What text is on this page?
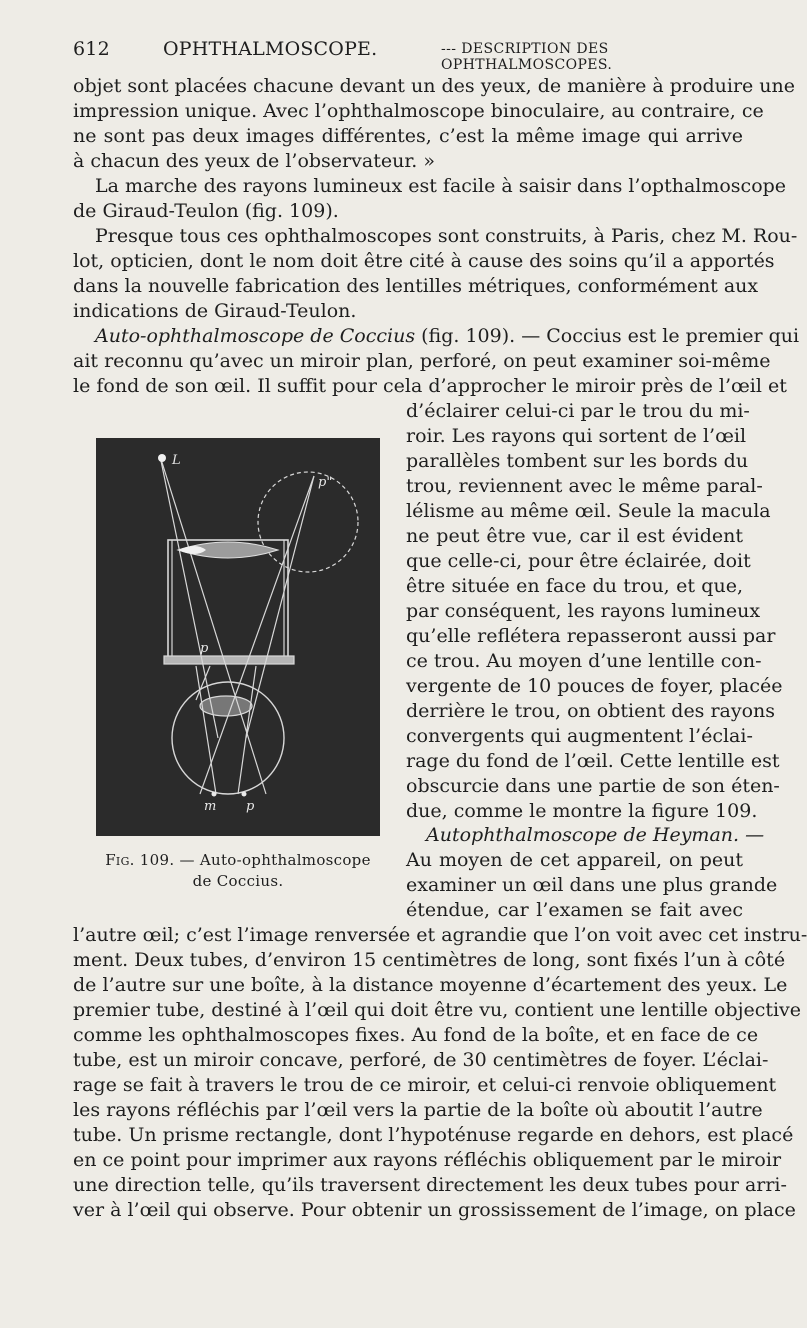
612	OPHTHALMOSCOPE.	--- DESCRIPTION DES OPHTHALMOSCOPES.
objet sont placées chacune devant un des yeux, de manière à produire une
impression unique. Avec l’ophthalmoscope binoculaire, au contraire, ce
ne sont pas deux images différentes, c’est la même image qui arrive
à chacun des yeux de l’observateur. »
La marche des rayons lumineux est facile à saisir dans l’opthalmoscope
de Giraud-Teulon (fig. 109).
Presque tous ces ophthalmoscopes sont construits, à Paris, chez M. Rou-
lot, opticien, dont le nom doit être cité à cause des soins qu’il a apportés
dans la nouvelle fabrication des lentilles métriques, conformément aux
indications de Giraud-Teulon.
Auto-ophthalmoscope de Coccius (fig. 109). — Coccius est le premier qui
ait reconnu qu’avec un miroir plan, perforé, on peut examiner soi-même
le fond de son œil. Il suffit pour cela d’approcher le miroir près de l’œil et
d’éclairer celui-ci par le trou du mi-
roir. Les rayons qui sortent de l’œil
parallèles tombent sur les bords du
trou, reviennent avec le même paral-
lélisme au même œil. Seule la macula
ne peut être vue, car il est évident
que celle-ci, pour être éclairée, doit
être située en face du trou, et que,
par conséquent, les rayons lumineux
qu’elle reflétera repasseront aussi par
ce trou. Au moyen d’une lentille con-
vergente de 10 pouces de foyer, placée
derrière le trou, on obtient des rayons
convergents qui augmentent l’éclai-
rage du fond de l’œil. Cette lentille est
obscurcie dans une partie de son éten-
due, comme le montre la figure 109.
Autophthalmoscope de Heyman. —
Au moyen de cet appareil, on peut
examiner un œil dans une plus grande
étendue, car l’examen se fait avec
l’autre œil; c’est l’image renversée et agrandie que l’on voit avec cet instru-
ment. Deux tubes, d’environ 15 centimètres de long, sont fixés l’un à côté
de l’autre sur une boîte, à la distance moyenne d’écartement des yeux. Le
premier tube, destiné à l’œil qui doit être vu, contient une lentille objective
comme les ophthalmoscopes fixes. Au fond de la boîte, et en face de ce
tube, est un miroir concave, perforé, de 30 centimètres de foyer. L’éclai-
rage se fait à travers le trou de ce miroir, et celui-ci renvoie obliquement
les rayons réfléchis par l’œil vers la partie de la boîte où aboutit l’autre
tube. Un prisme rectangle, dont l’hypoténuse regarde en dehors, est placé
en ce point pour imprimer aux rayons réfléchis obliquement par le miroir
une direction telle, qu’ils traversent directement les deux tubes pour arri-
ver à l’œil qui observe. Pour obtenir un grossissement de l’image, on place
L
p"
p
m p
Fig. 109. — Auto-ophthalmoscope
de Coccius.
